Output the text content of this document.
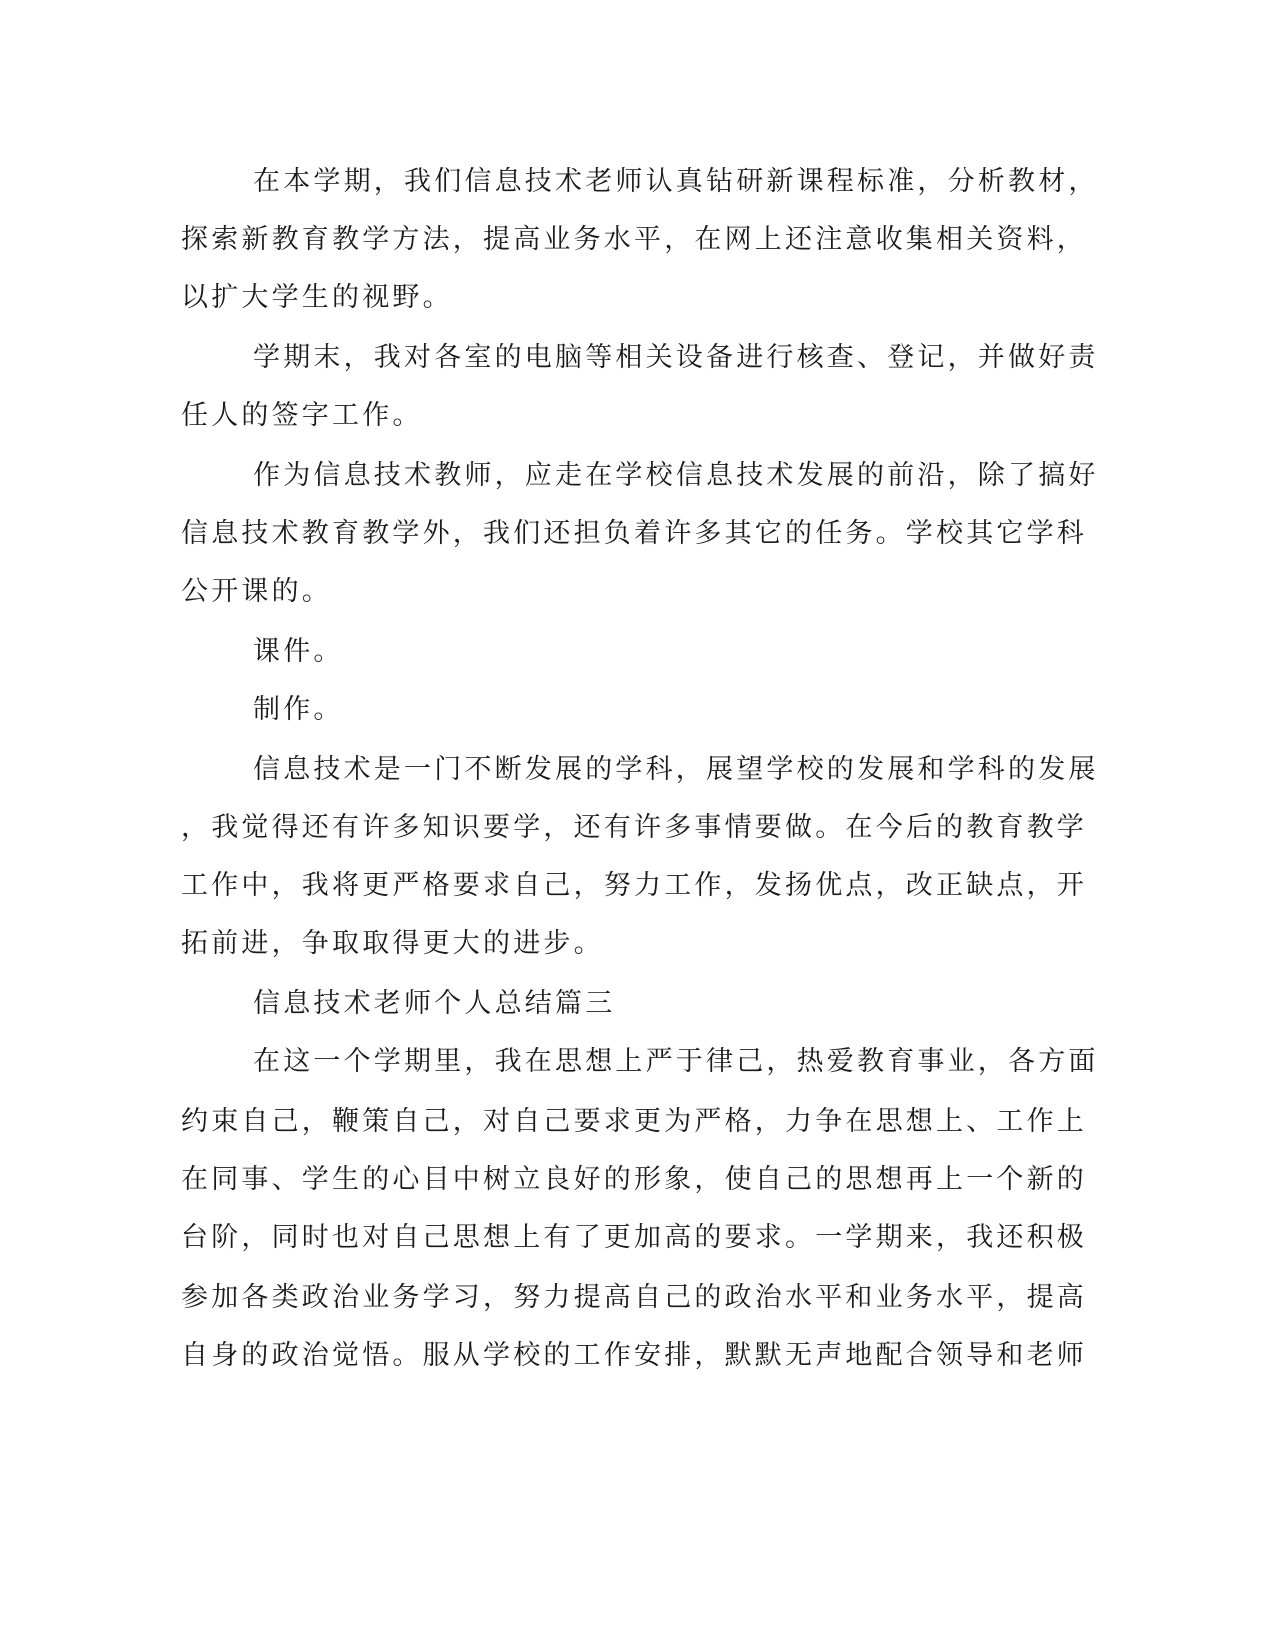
在本学期，我们信息技术老师认真钻研新课程标准，分析教材，

探索新教育教学方法，提高业务水平，在网上还注意收集相关资料，

以扩大学生的视野。

学期末，我对各室的电脑等相关设备进行核查、登记，并做好责

任人的签字工作。

作为信息技术教师，应走在学校信息技术发展的前沿，除了搞好

信息技术教育教学外，我们还担负着许多其它的任务。学校其它学科

公开课的。

课件。

制作。

信息技术是一门不断发展的学科，展望学校的发展和学科的发展

，我觉得还有许多知识要学，还有许多事情要做。在今后的教育教学

工作中，我将更严格要求自己，努力工作，发扬优点，改正缺点，开

拓前进，争取取得更大的进步。

信息技术老师个人总结篇三

在这一个学期里，我在思想上严于律己，热爱教育事业，各方面

约束自己，鞭策自己，对自己要求更为严格，力争在思想上、工作上

在同事、学生的心目中树立良好的形象，使自己的思想再上一个新的

台阶，同时也对自己思想上有了更加高的要求。一学期来，我还积极

参加各类政治业务学习，努力提高自己的政治水平和业务水平，提高

自身的政治觉悟。服从学校的工作安排，默默无声地配合领导和老师
